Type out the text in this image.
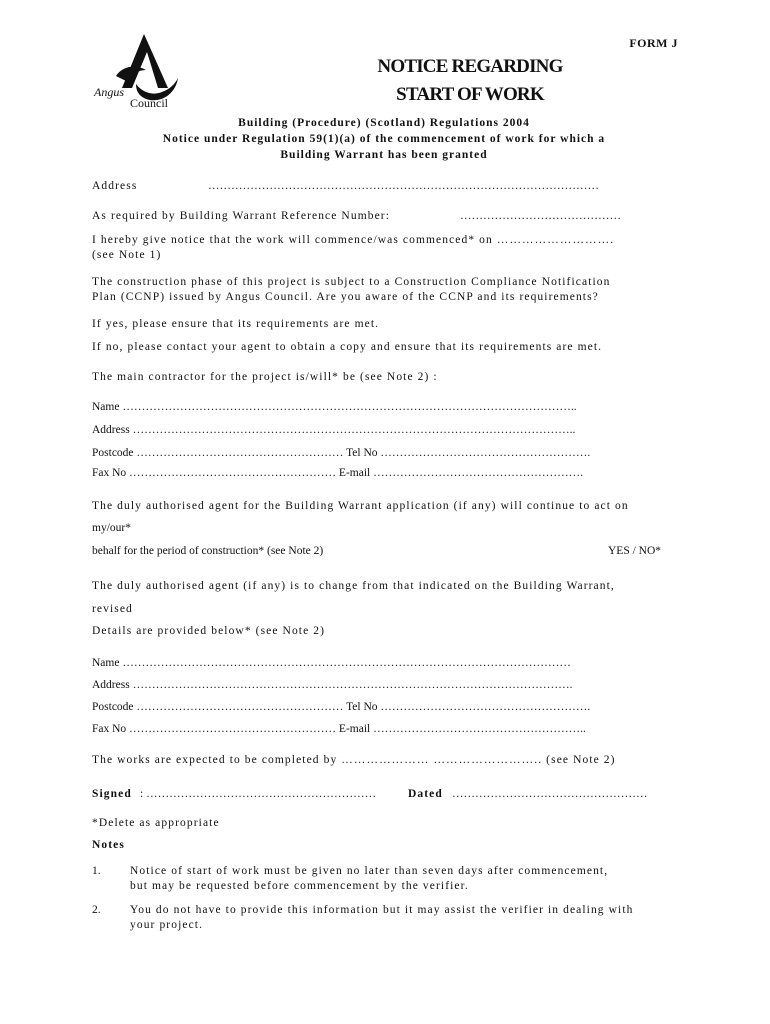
FORM J
Angus
Council
NOTICE REGARDING
START OF WORK
Building (Procedure) (Scotland) Regulations 2004
Notice under Regulation 59(1)(a) of the commencement of work for which a
Building Warrant has been granted
Address	…………………………………………………………………………………………
As required by Building Warrant Reference Number:	……………………………………
I hereby give notice that the work will commence/was commenced* on ……………………….
(see Note 1)
The construction phase of this project is subject to a Construction Compliance Notification
Plan (CCNP) issued by Angus Council. Are you aware of the CCNP and its requirements?
If yes, please ensure that its requirements are met.
If no, please contact your agent to obtain a copy and ensure that its requirements are met.
The main contractor for the project is/will* be (see Note 2) :
Name ………………………………………………………………………………………………………..
Address ……………………………………………………………………………………………………..
Postcode ……………………………………………… Tel No ……………………………………………….
Fax No ……………………………………………… E-mail ……………………………………………….
The duly authorised agent for the Building Warrant application (if any) will continue to act on
my/our*
behalf for the period of construction* (see Note 2)	YES / NO*
The duly authorised agent (if any) is to change from that indicated on the Building Warrant,
revised
Details are provided below* (see Note 2)
Name ………………………………………………………………………………………………………
Address …………………………………………………………………………………………………….
Postcode ……………………………………………… Tel No ……………………………………………….
Fax No ……………………………………………… E-mail ………………………………………………..
The works are expected to be completed by ………………… …………………….. (see Note 2)
Signed : ……………………………………………………	Dated ……………………………………………
*Delete as appropriate
Notes
1.	Notice of start of work must be given no later than seven days after commencement,
but may be requested before commencement by the verifier.
2.	You do not have to provide this information but it may assist the verifier in dealing with
your project.
